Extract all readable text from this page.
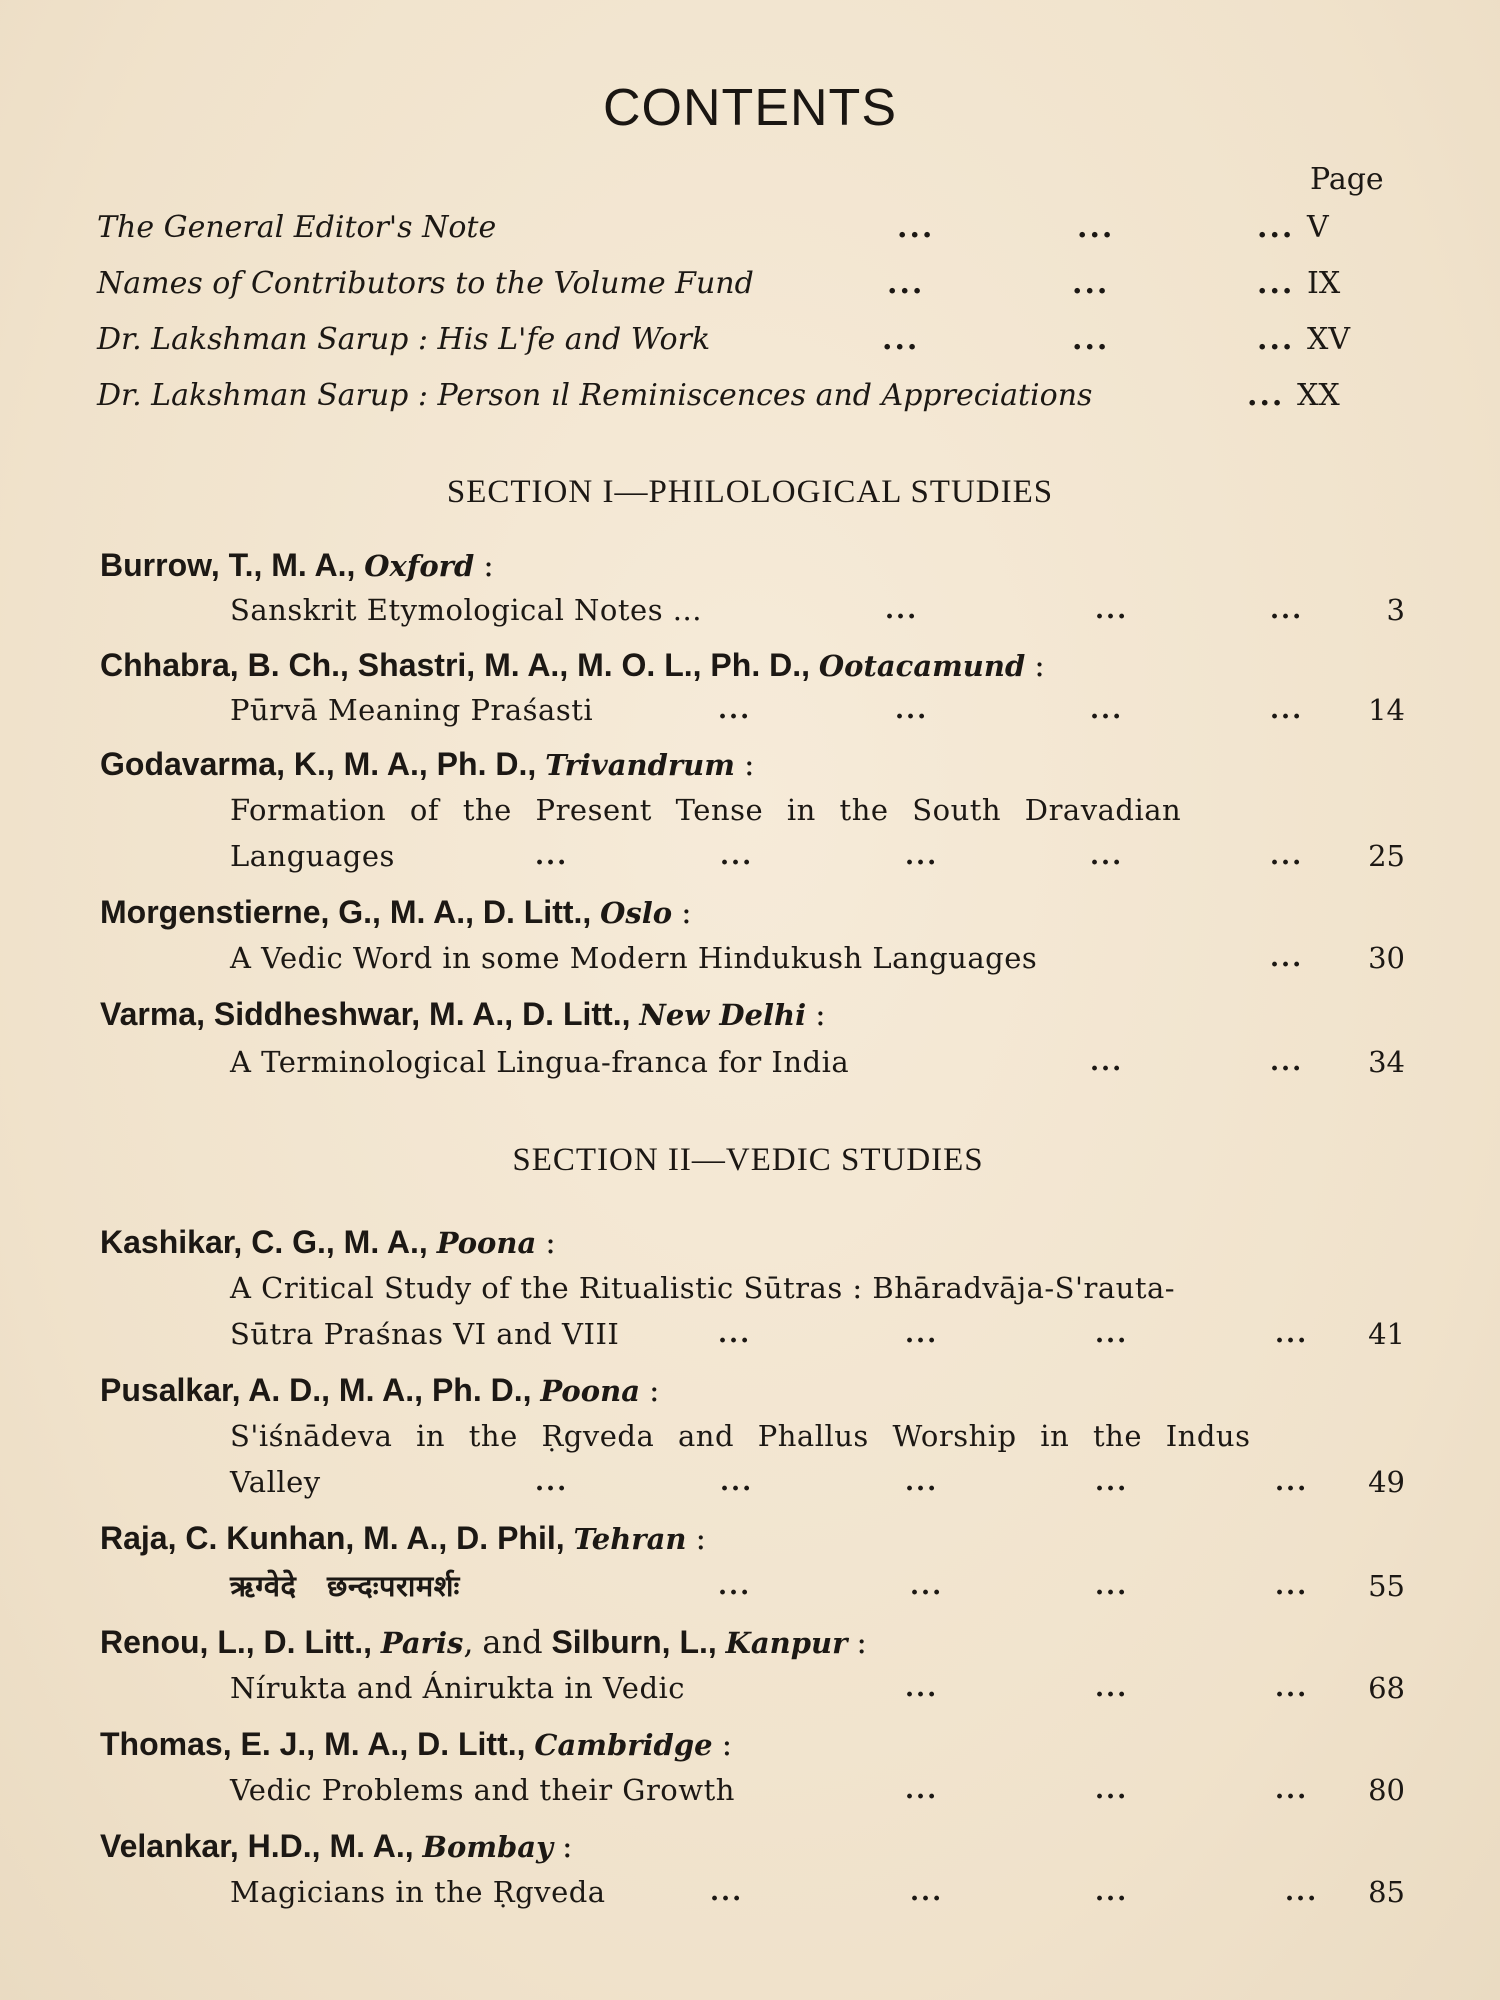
CONTENTS
Page
The General Editor's Note	...	...	... V
Names of Contributors to the Volume Fund	...	...	... IX
Dr. Lakshman Sarup : His L'fe and Work	...	...	... XV
Dr. Lakshman Sarup : Person ıl Reminiscences and Appreciations	... XX
SECTION I—PHILOLOGICAL STUDIES
Burrow, T., M. A., Oxford :
Sanskrit Etymological Notes ...	...	...	...	3
Chhabra, B. Ch., Shastri, M. A., M. O. L., Ph. D., Ootacamund :
Pūrvā Meaning Praśasti	...	...	...	... 14
Godavarma, K., M. A., Ph. D., Trivandrum :
Formation of the Present Tense in the South Dravadian
Languages	...	...	...	...	... 25
Morgenstierne, G., M. A., D. Litt., Oslo :
A Vedic Word in some Modern Hindukush Languages	... 30
Varma, Siddheshwar, M. A., D. Litt., New Delhi :
A Terminological Lingua-franca for India	...	... 34
SECTION II—VEDIC STUDIES
Kashikar, C. G., M. A., Poona :
A Critical Study of the Ritualistic Sūtras : Bhāradvāja-S'rauta-
Sūtra Praśnas VI and VIII	...	...	...	... 41
Pusalkar, A. D., M. A., Ph. D., Poona :
S'iśnādeva in the Ṛgveda and Phallus Worship in the Indus
Valley	...	...	...	...	... 49
Raja, C. Kunhan, M. A., D. Phil, Tehran :
ऋग्वेदे छन्दःपरामर्शः	...	...	...	... 55
Renou, L., D. Litt., Paris, and Silburn, L., Kanpur :
Nírukta and Ánirukta in Vedic	...	...	... 68
Thomas, E. J., M. A., D. Litt., Cambridge :
Vedic Problems and their Growth	...	...	... 80
Velankar, H.D., M. A., Bombay :
Magicians in the Ṛgveda	...	...	...	... 85
